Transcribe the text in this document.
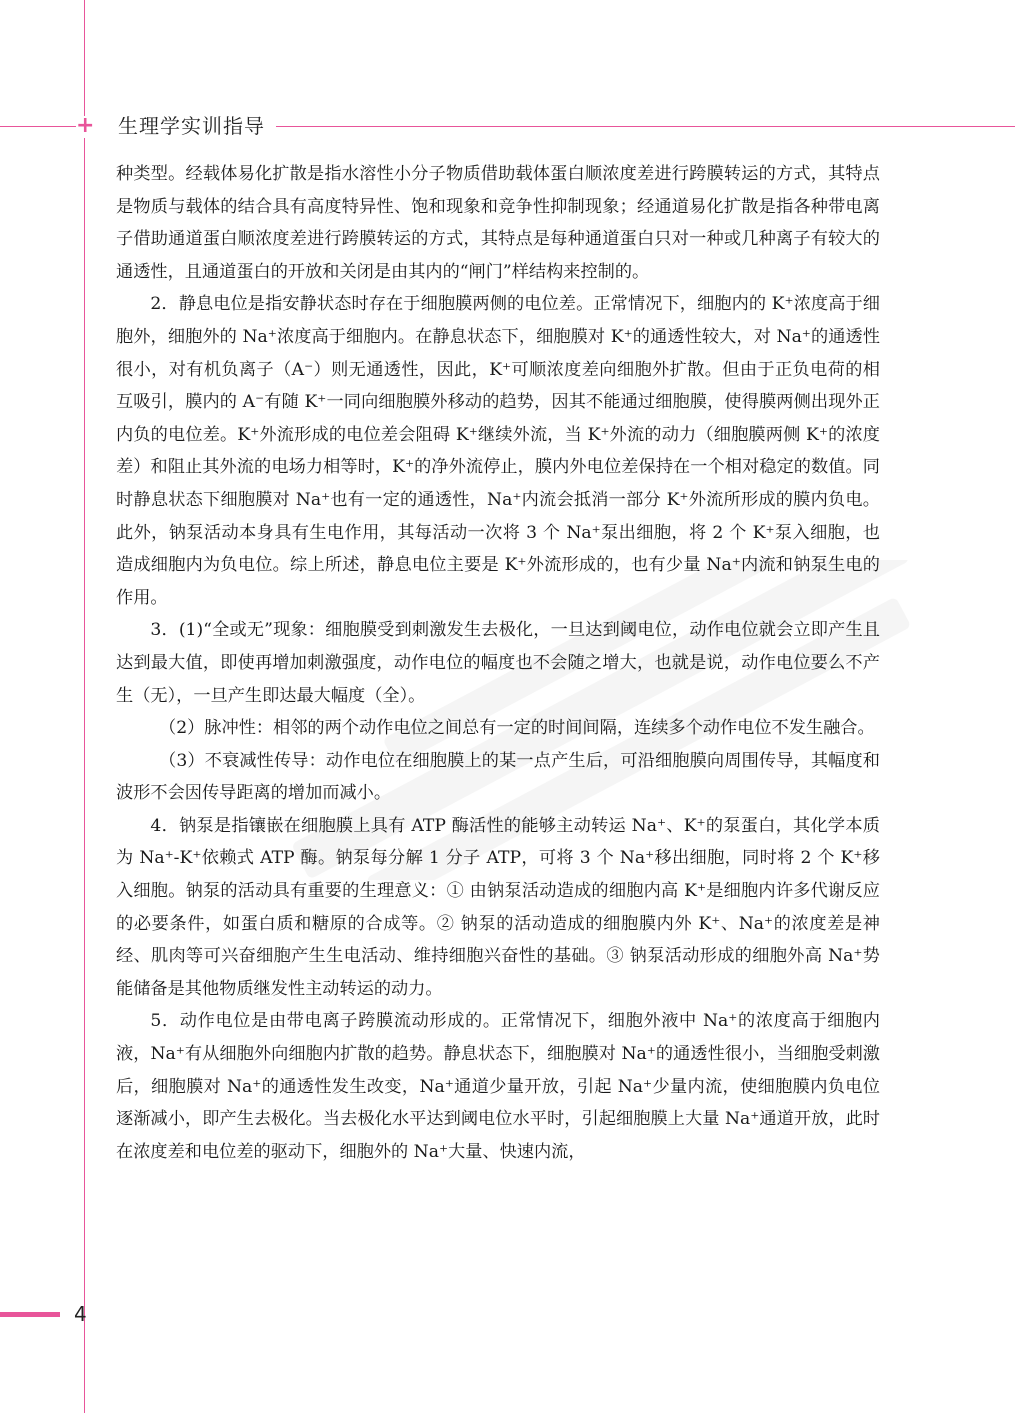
+ 生理学实训指导

种类型。经载体易化扩散是指水溶性小分子物质借助载体蛋白顺浓度差进行跨膜转运的方式，其特点是物质与载体的结合具有高度特异性、饱和现象和竞争性抑制现象；经通道易化扩散是指各种带电离子借助通道蛋白顺浓度差进行跨膜转运的方式，其特点是每种通道蛋白只对一种或几种离子有较大的通透性，且通道蛋白的开放和关闭是由其内的“闸门”样结构来控制的。

2．静息电位是指安静状态时存在于细胞膜两侧的电位差。正常情况下，细胞内的 K⁺浓度高于细胞外，细胞外的 Na⁺浓度高于细胞内。在静息状态下，细胞膜对 K⁺的通透性较大，对 Na⁺的通透性很小，对有机负离子（A⁻）则无通透性，因此，K⁺可顺浓度差向细胞外扩散。但由于正负电荷的相互吸引，膜内的 A⁻有随 K⁺一同向细胞膜外移动的趋势，因其不能通过细胞膜，使得膜两侧出现外正内负的电位差。K⁺外流形成的电位差会阻碍 K⁺继续外流，当 K⁺外流的动力（细胞膜两侧 K⁺的浓度差）和阻止其外流的电场力相等时，K⁺的净外流停止，膜内外电位差保持在一个相对稳定的数值。同时静息状态下细胞膜对 Na⁺也有一定的通透性，Na⁺内流会抵消一部分 K⁺外流所形成的膜内负电。此外，钠泵活动本身具有生电作用，其每活动一次将 3 个 Na⁺泵出细胞，将 2 个 K⁺泵入细胞，也造成细胞内为负电位。综上所述，静息电位主要是 K⁺外流形成的，也有少量 Na⁺内流和钠泵生电的作用。

3．(1)“全或无”现象：细胞膜受到刺激发生去极化，一旦达到阈电位，动作电位就会立即产生且达到最大值，即使再增加刺激强度，动作电位的幅度也不会随之增大，也就是说，动作电位要么不产生（无），一旦产生即达最大幅度（全）。

（2）脉冲性：相邻的两个动作电位之间总有一定的时间间隔，连续多个动作电位不发生融合。

（3）不衰减性传导：动作电位在细胞膜上的某一点产生后，可沿细胞膜向周围传导，其幅度和波形不会因传导距离的增加而减小。

4．钠泵是指镶嵌在细胞膜上具有 ATP 酶活性的能够主动转运 Na⁺、K⁺的泵蛋白，其化学本质为 Na⁺-K⁺依赖式 ATP 酶。钠泵每分解 1 分子 ATP，可将 3 个 Na⁺移出细胞，同时将 2 个 K⁺移入细胞。钠泵的活动具有重要的生理意义：① 由钠泵活动造成的细胞内高 K⁺是细胞内许多代谢反应的必要条件，如蛋白质和糖原的合成等。② 钠泵的活动造成的细胞膜内外 K⁺、Na⁺的浓度差是神经、肌肉等可兴奋细胞产生生电活动、维持细胞兴奋性的基础。③ 钠泵活动形成的细胞外高 Na⁺势能储备是其他物质继发性主动转运的动力。

5．动作电位是由带电离子跨膜流动形成的。正常情况下，细胞外液中 Na⁺的浓度高于细胞内液，Na⁺有从细胞外向细胞内扩散的趋势。静息状态下，细胞膜对 Na⁺的通透性很小，当细胞受刺激后，细胞膜对 Na⁺的通透性发生改变，Na⁺通道少量开放，引起 Na⁺少量内流，使细胞膜内负电位逐渐减小，即产生去极化。当去极化水平达到阈电位水平时，引起细胞膜上大量 Na⁺通道开放，此时在浓度差和电位差的驱动下，细胞外的 Na⁺大量、快速内流，

4
